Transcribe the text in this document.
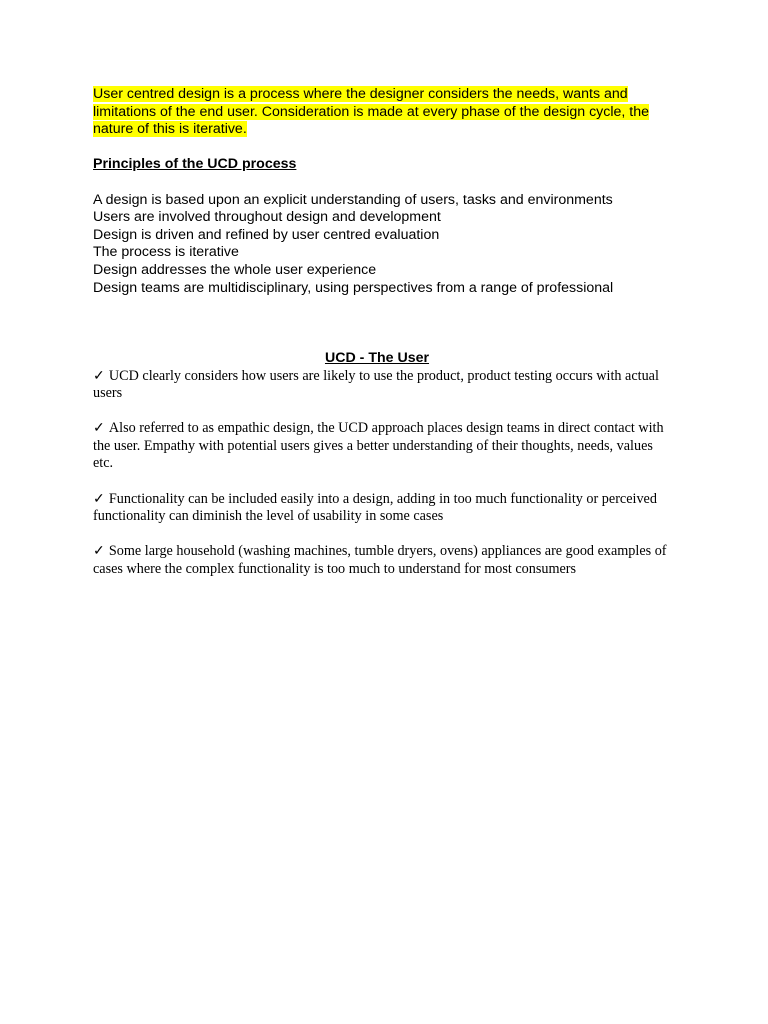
User centred design is a process where the designer considers the needs, wants and limitations of the end user. Consideration is made at every phase of the design cycle, the nature of this is iterative.

Principles of the UCD process

A design is based upon an explicit understanding of users, tasks and environments
Users are involved throughout design and development
Design is driven and refined by user centred evaluation
The process is iterative
Design addresses the whole user experience
Design teams are multidisciplinary, using perspectives from a range of professional

UCD - The User

✓ UCD clearly considers how users are likely to use the product, product testing occurs with actual users
✓ Also referred to as empathic design, the UCD approach places design teams in direct contact with the user. Empathy with potential users gives a better understanding of their thoughts, needs, values etc.
✓ Functionality can be included easily into a design, adding in too much functionality or perceived functionality can diminish the level of usability in some cases
✓ Some large household (washing machines, tumble dryers, ovens) appliances are good examples of cases where the complex functionality is too much to understand for most consumers
